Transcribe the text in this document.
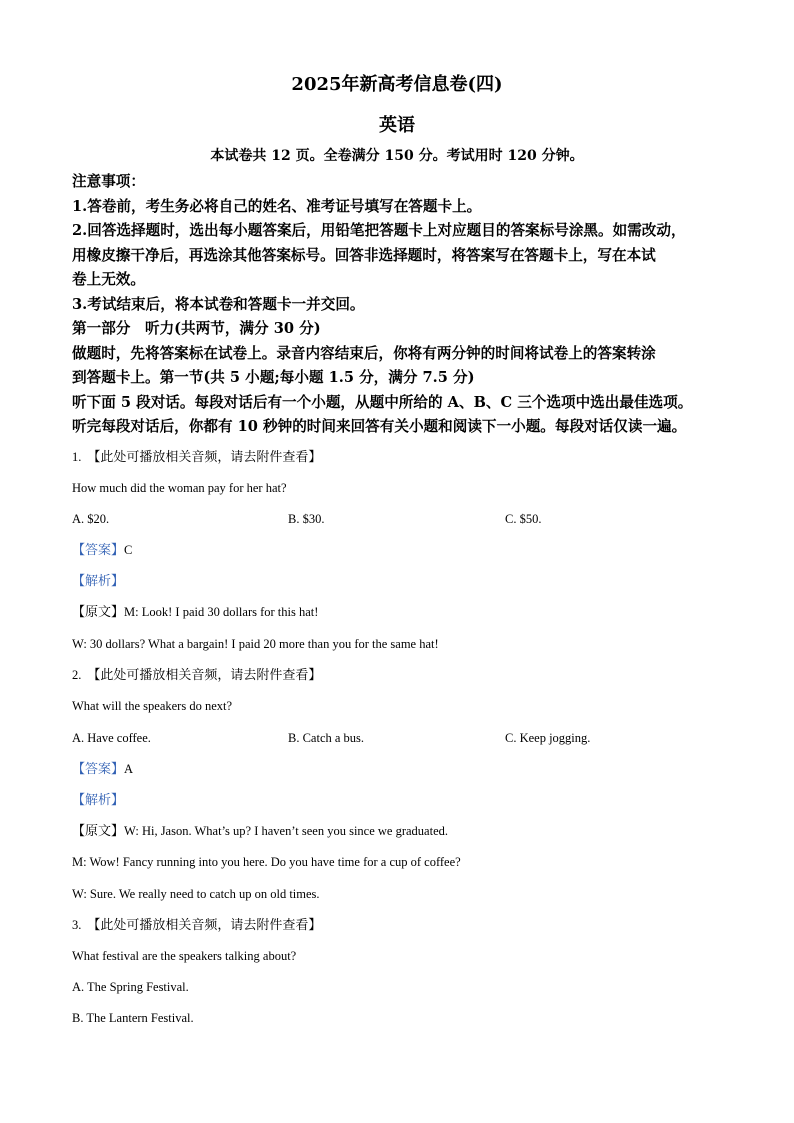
2025年新高考信息卷(四)
英语
本试卷共 12 页。全卷满分 150 分。考试用时 120 分钟。

注意事项：

1.答卷前，考生务必将自己的姓名、准考证号填写在答题卡上。

2.回答选择题时，选出每小题答案后，用铅笔把答题卡上对应题目的答案标号涂黑。如需改动，

用橡皮擦干净后，再选涂其他答案标号。回答非选择题时，将答案写在答题卡上，写在本试

卷上无效。

3.考试结束后，将本试卷和答题卡一并交回。

第一部分　听力(共两节，满分 30 分)

做题时，先将答案标在试卷上。录音内容结束后，你将有两分钟的时间将试卷上的答案转涂

到答题卡上。第一节(共 5 小题;每小题 1.5 分，满分 7.5 分)

听下面 5 段对话。每段对话后有一个小题，从题中所给的 A、B、C 三个选项中选出最佳选项。

听完每段对话后，你都有 10 秒钟的时间来回答有关小题和阅读下一小题。每段对话仅读一遍。

1. 【此处可播放相关音频，请去附件查看】
How much did the woman pay for her hat?
A. $20.	B. $30.	C. $50.
【答案】C
【解析】
【原文】M: Look! I paid 30 dollars for this hat!
W: 30 dollars? What a bargain! I paid 20 more than you for the same hat!
2. 【此处可播放相关音频，请去附件查看】
What will the speakers do next?
A. Have coffee.	B. Catch a bus.	C. Keep jogging.
【答案】A
【解析】
【原文】W: Hi, Jason. What’s up? I haven’t seen you since we graduated.
M: Wow! Fancy running into you here. Do you have time for a cup of coffee?
W: Sure. We really need to catch up on old times.
3. 【此处可播放相关音频，请去附件查看】
What festival are the speakers talking about?
A. The Spring Festival.
B. The Lantern Festival.
